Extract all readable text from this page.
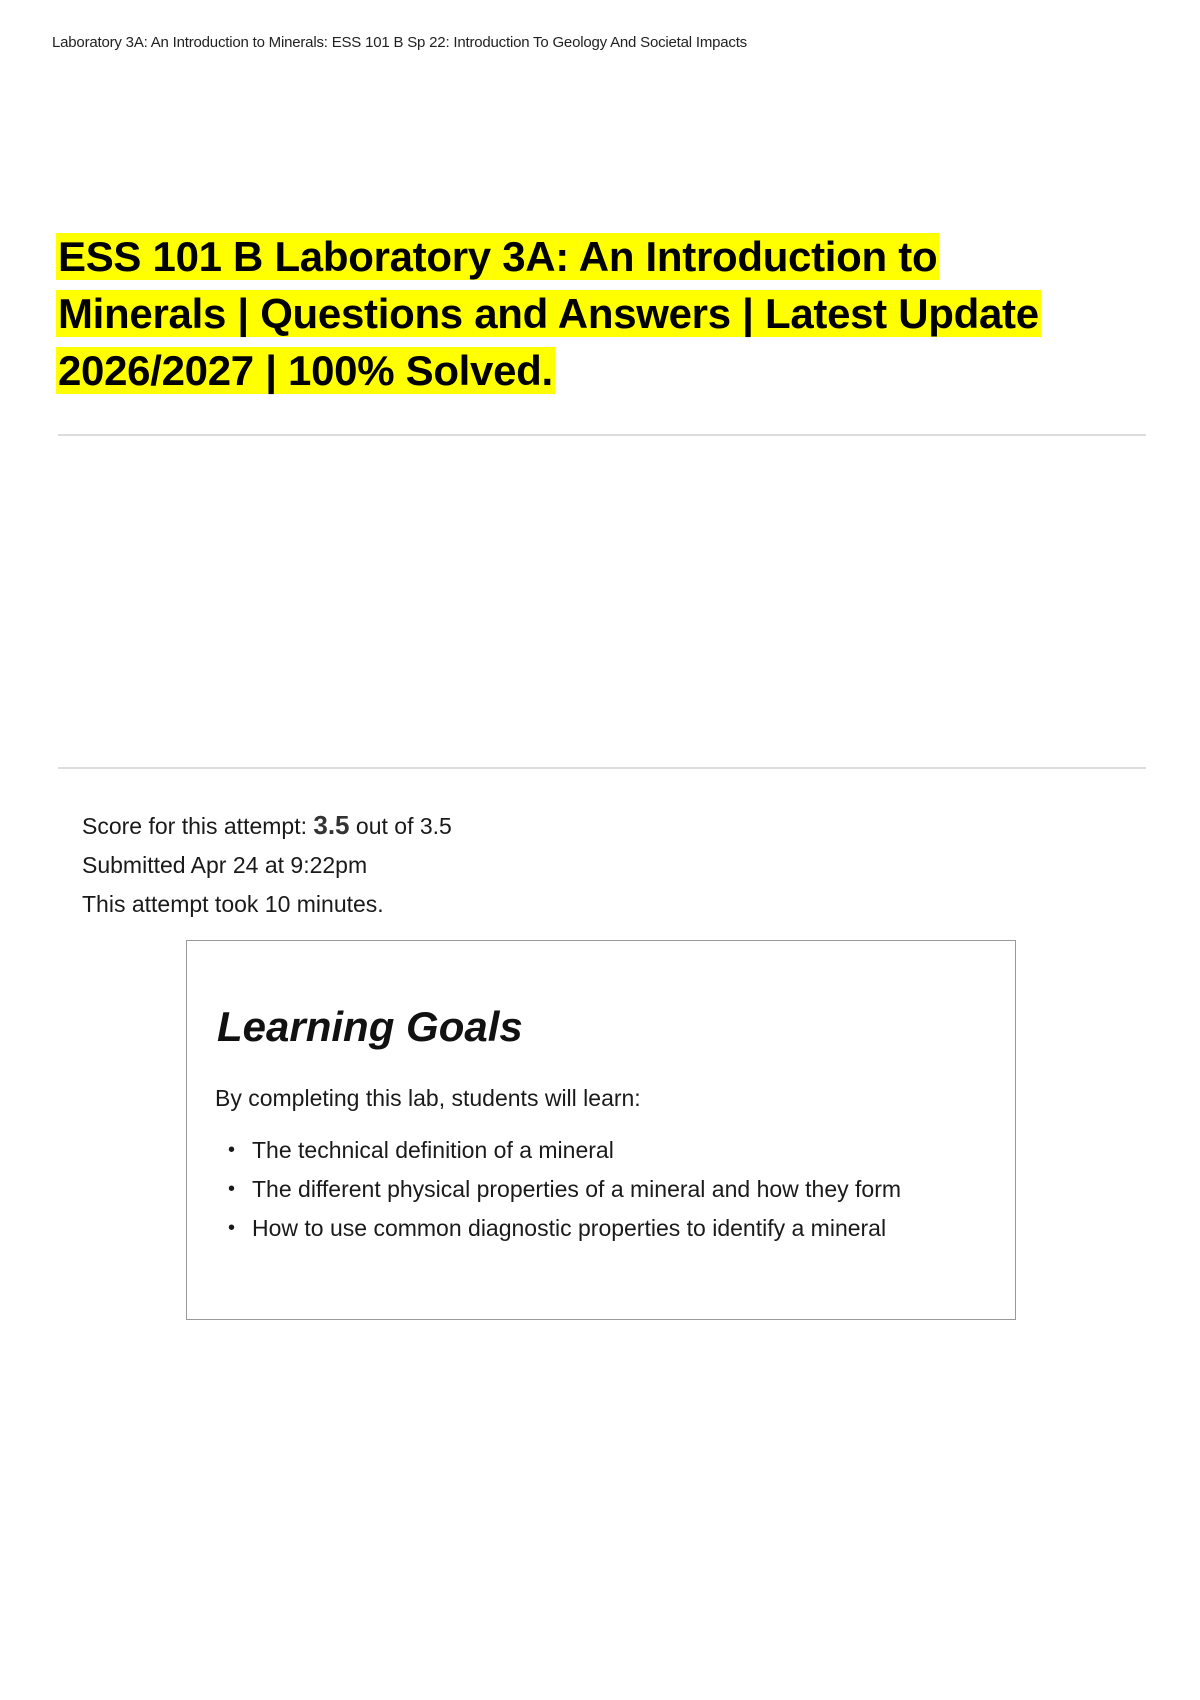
Laboratory 3A: An Introduction to Minerals: ESS 101 B Sp 22: Introduction To Geology And Societal Impacts
ESS 101 B Laboratory 3A: An Introduction to Minerals | Questions and Answers | Latest Update 2026/2027 | 100% Solved.
Score for this attempt: 3.5 out of 3.5
Submitted Apr 24 at 9:22pm
This attempt took 10 minutes.
Learning Goals
By completing this lab, students will learn:
• The technical definition of a mineral
• The different physical properties of a mineral and how they form
• How to use common diagnostic properties to identify a mineral
